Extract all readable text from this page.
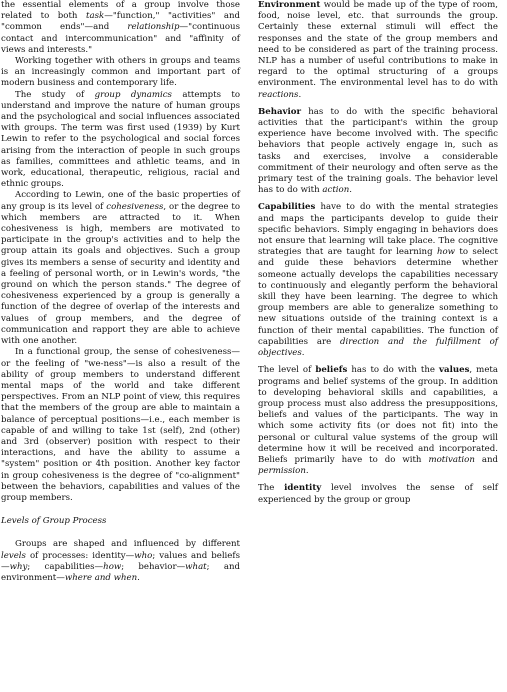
the essential elements of a group involve those related to both task—"function," "activities" and "common ends"—and relationship—"continuous contact and intercommunication" and "affinity of views and interests."

Working together with others in groups and teams is an increasingly common and important part of modern business and contemporary life.

The study of group dynamics attempts to understand and improve the nature of human groups and the psychological and social influences associated with groups. The term was first used (1939) by Kurt Lewin to refer to the psychological and social forces arising from the interaction of people in such groups as families, committees and athletic teams, and in work, educational, therapeutic, religious, racial and ethnic groups.

According to Lewin, one of the basic properties of any group is its level of cohesiveness, or the degree to which members are attracted to it. When cohesiveness is high, members are motivated to participate in the group's activities and to help the group attain its goals and objectives. Such a group gives its members a sense of security and identity and a feeling of personal worth, or in Lewin's words, "the ground on which the person stands." The degree of cohesiveness experienced by a group is generally a function of the degree of overlap of the interests and values of group members, and the degree of communication and rapport they are able to achieve with one another.

In a functional group, the sense of cohesiveness—or the feeling of "we-ness"—is also a result of the ability of group members to understand different mental maps of the world and take different perspectives. From an NLP point of view, this requires that the members of the group are able to maintain a balance of perceptual positions—i.e., each member is capable of and willing to take 1st (self), 2nd (other) and 3rd (observer) position with respect to their interactions, and have the ability to assume a "system" position or 4th position. Another key factor in group cohesiveness is the degree of "co-alignment" between the behaviors, capabilities and values of the group members.

Levels of Group Process

Groups are shaped and influenced by different levels of processes: identity—who; values and beliefs—why; capabilities—how; behavior—what; and environment—where and when.

Environment would be made up of the type of room, food, noise level, etc. that surrounds the group. Certainly these external stimuli will effect the responses and the state of the group members and need to be considered as part of the training process. NLP has a number of useful contributions to make in regard to the optimal structuring of a groups environment. The environmental level has to do with reactions.

Behavior has to do with the specific behavioral activities that the participant's within the group experience have become involved with. The specific behaviors that people actively engage in, such as tasks and exercises, involve a considerable commitment of their neurology and often serve as the primary test of the training goals. The behavior level has to do with action.

Capabilities have to do with the mental strategies and maps the participants develop to guide their specific behaviors. Simply engaging in behaviors does not ensure that learning will take place. The cognitive strategies that are taught for learning how to select and guide these behaviors determine whether someone actually develops the capabilities necessary to continuously and elegantly perform the behavioral skill they have been learning. The degree to which group members are able to generalize something to new situations outside of the training context is a function of their mental capabilities. The function of capabilities are direction and the fulfillment of objectives.

The level of beliefs has to do with the values, meta programs and belief systems of the group. In addition to developing behavioral skills and capabilities, a group process must also address the presuppositions, beliefs and values of the participants. The way in which some activity fits (or does not fit) into the personal or cultural value systems of the group will determine how it will be received and incorporated. Beliefs primarily have to do with motivation and permission.

The identity level involves the sense of self experienced by the group or group
